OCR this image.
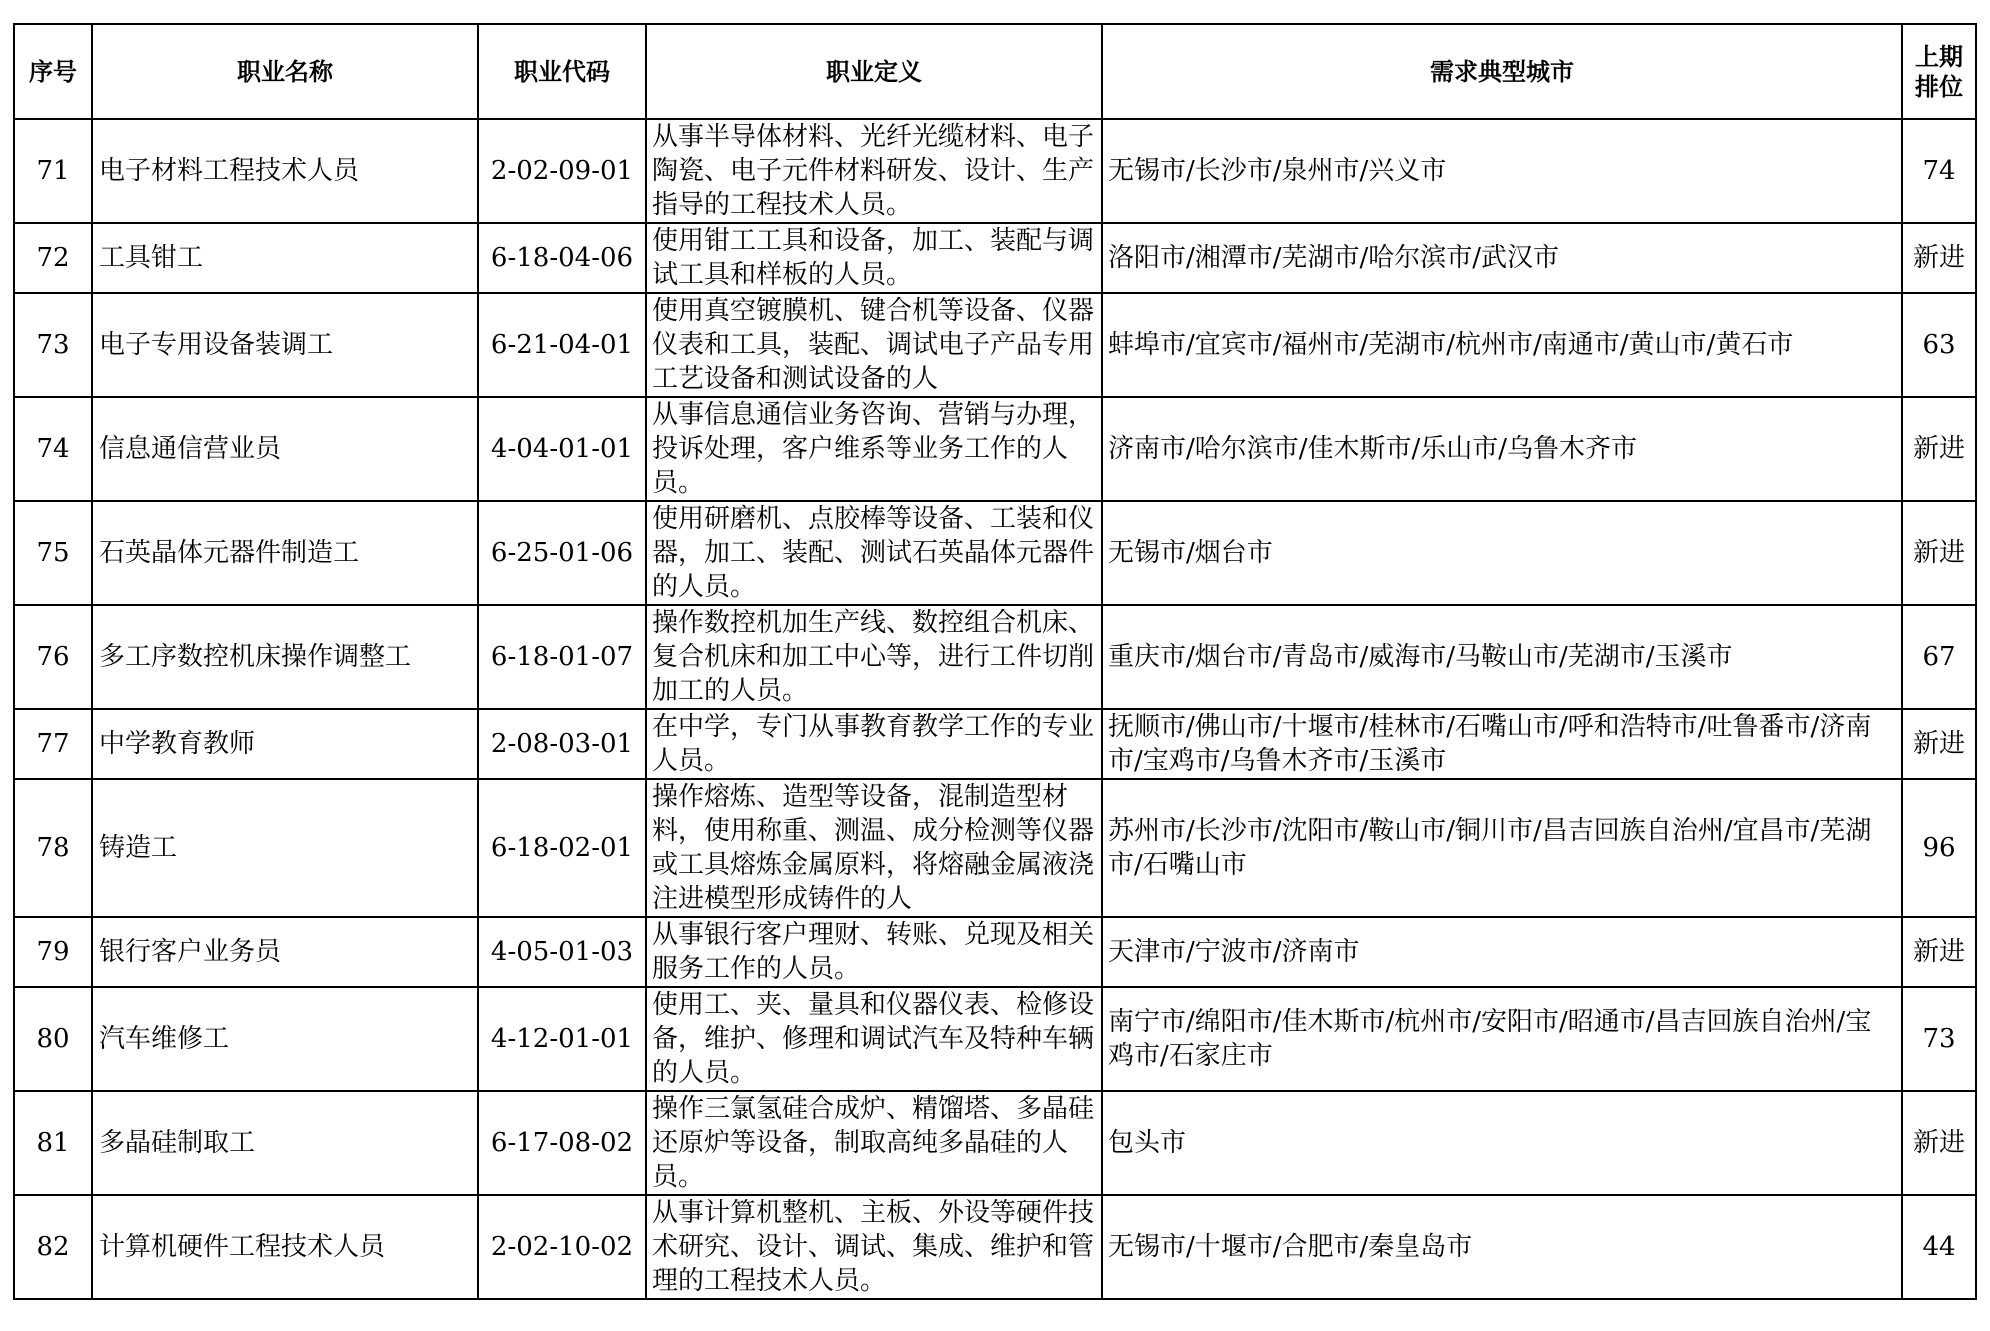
序号	职业名称	职业代码	职业定义	需求典型城市	上期
排位

71	电子材料工程技术人员	2-02-09-01	从事半导体材料、光纤光缆材料、电子陶瓷、电子元件材料研发、设计、生产指导的工程技术人员。	无锡市/长沙市/泉州市/兴义市	74
72	工具钳工	6-18-04-06	使用钳工工具和设备，加工、装配与调试工具和样板的人员。	洛阳市/湘潭市/芜湖市/哈尔滨市/武汉市	新进
73	电子专用设备装调工	6-21-04-01	使用真空镀膜机、键合机等设备、仪器仪表和工具，装配、调试电子产品专用工艺设备和测试设备的人	蚌埠市/宜宾市/福州市/芜湖市/杭州市/南通市/黄山市/黄石市	63
74	信息通信营业员	4-04-01-01	从事信息通信业务咨询、营销与办理，投诉处理，客户维系等业务工作的人员。	济南市/哈尔滨市/佳木斯市/乐山市/乌鲁木齐市	新进
75	石英晶体元器件制造工	6-25-01-06	使用研磨机、点胶棒等设备、工装和仪器，加工、装配、测试石英晶体元器件的人员。	无锡市/烟台市	新进
76	多工序数控机床操作调整工	6-18-01-07	操作数控机加生产线、数控组合机床、复合机床和加工中心等，进行工件切削加工的人员。	重庆市/烟台市/青岛市/威海市/马鞍山市/芜湖市/玉溪市	67
77	中学教育教师	2-08-03-01	在中学，专门从事教育教学工作的专业人员。	抚顺市/佛山市/十堰市/桂林市/石嘴山市/呼和浩特市/吐鲁番市/济南市/宝鸡市/乌鲁木齐市/玉溪市	新进
78	铸造工	6-18-02-01	操作熔炼、造型等设备，混制造型材料，使用称重、测温、成分检测等仪器或工具熔炼金属原料，将熔融金属液浇注进模型形成铸件的人	苏州市/长沙市/沈阳市/鞍山市/铜川市/昌吉回族自治州/宜昌市/芜湖市/石嘴山市	96
79	银行客户业务员	4-05-01-03	从事银行客户理财、转账、兑现及相关服务工作的人员。	天津市/宁波市/济南市	新进
80	汽车维修工	4-12-01-01	使用工、夹、量具和仪器仪表、检修设备，维护、修理和调试汽车及特种车辆的人员。	南宁市/绵阳市/佳木斯市/杭州市/安阳市/昭通市/昌吉回族自治州/宝鸡市/石家庄市	73
81	多晶硅制取工	6-17-08-02	操作三氯氢硅合成炉、精馏塔、多晶硅还原炉等设备，制取高纯多晶硅的人员。	包头市	新进
82	计算机硬件工程技术人员	2-02-10-02	从事计算机整机、主板、外设等硬件技术研究、设计、调试、集成、维护和管理的工程技术人员。	无锡市/十堰市/合肥市/秦皇岛市	44
